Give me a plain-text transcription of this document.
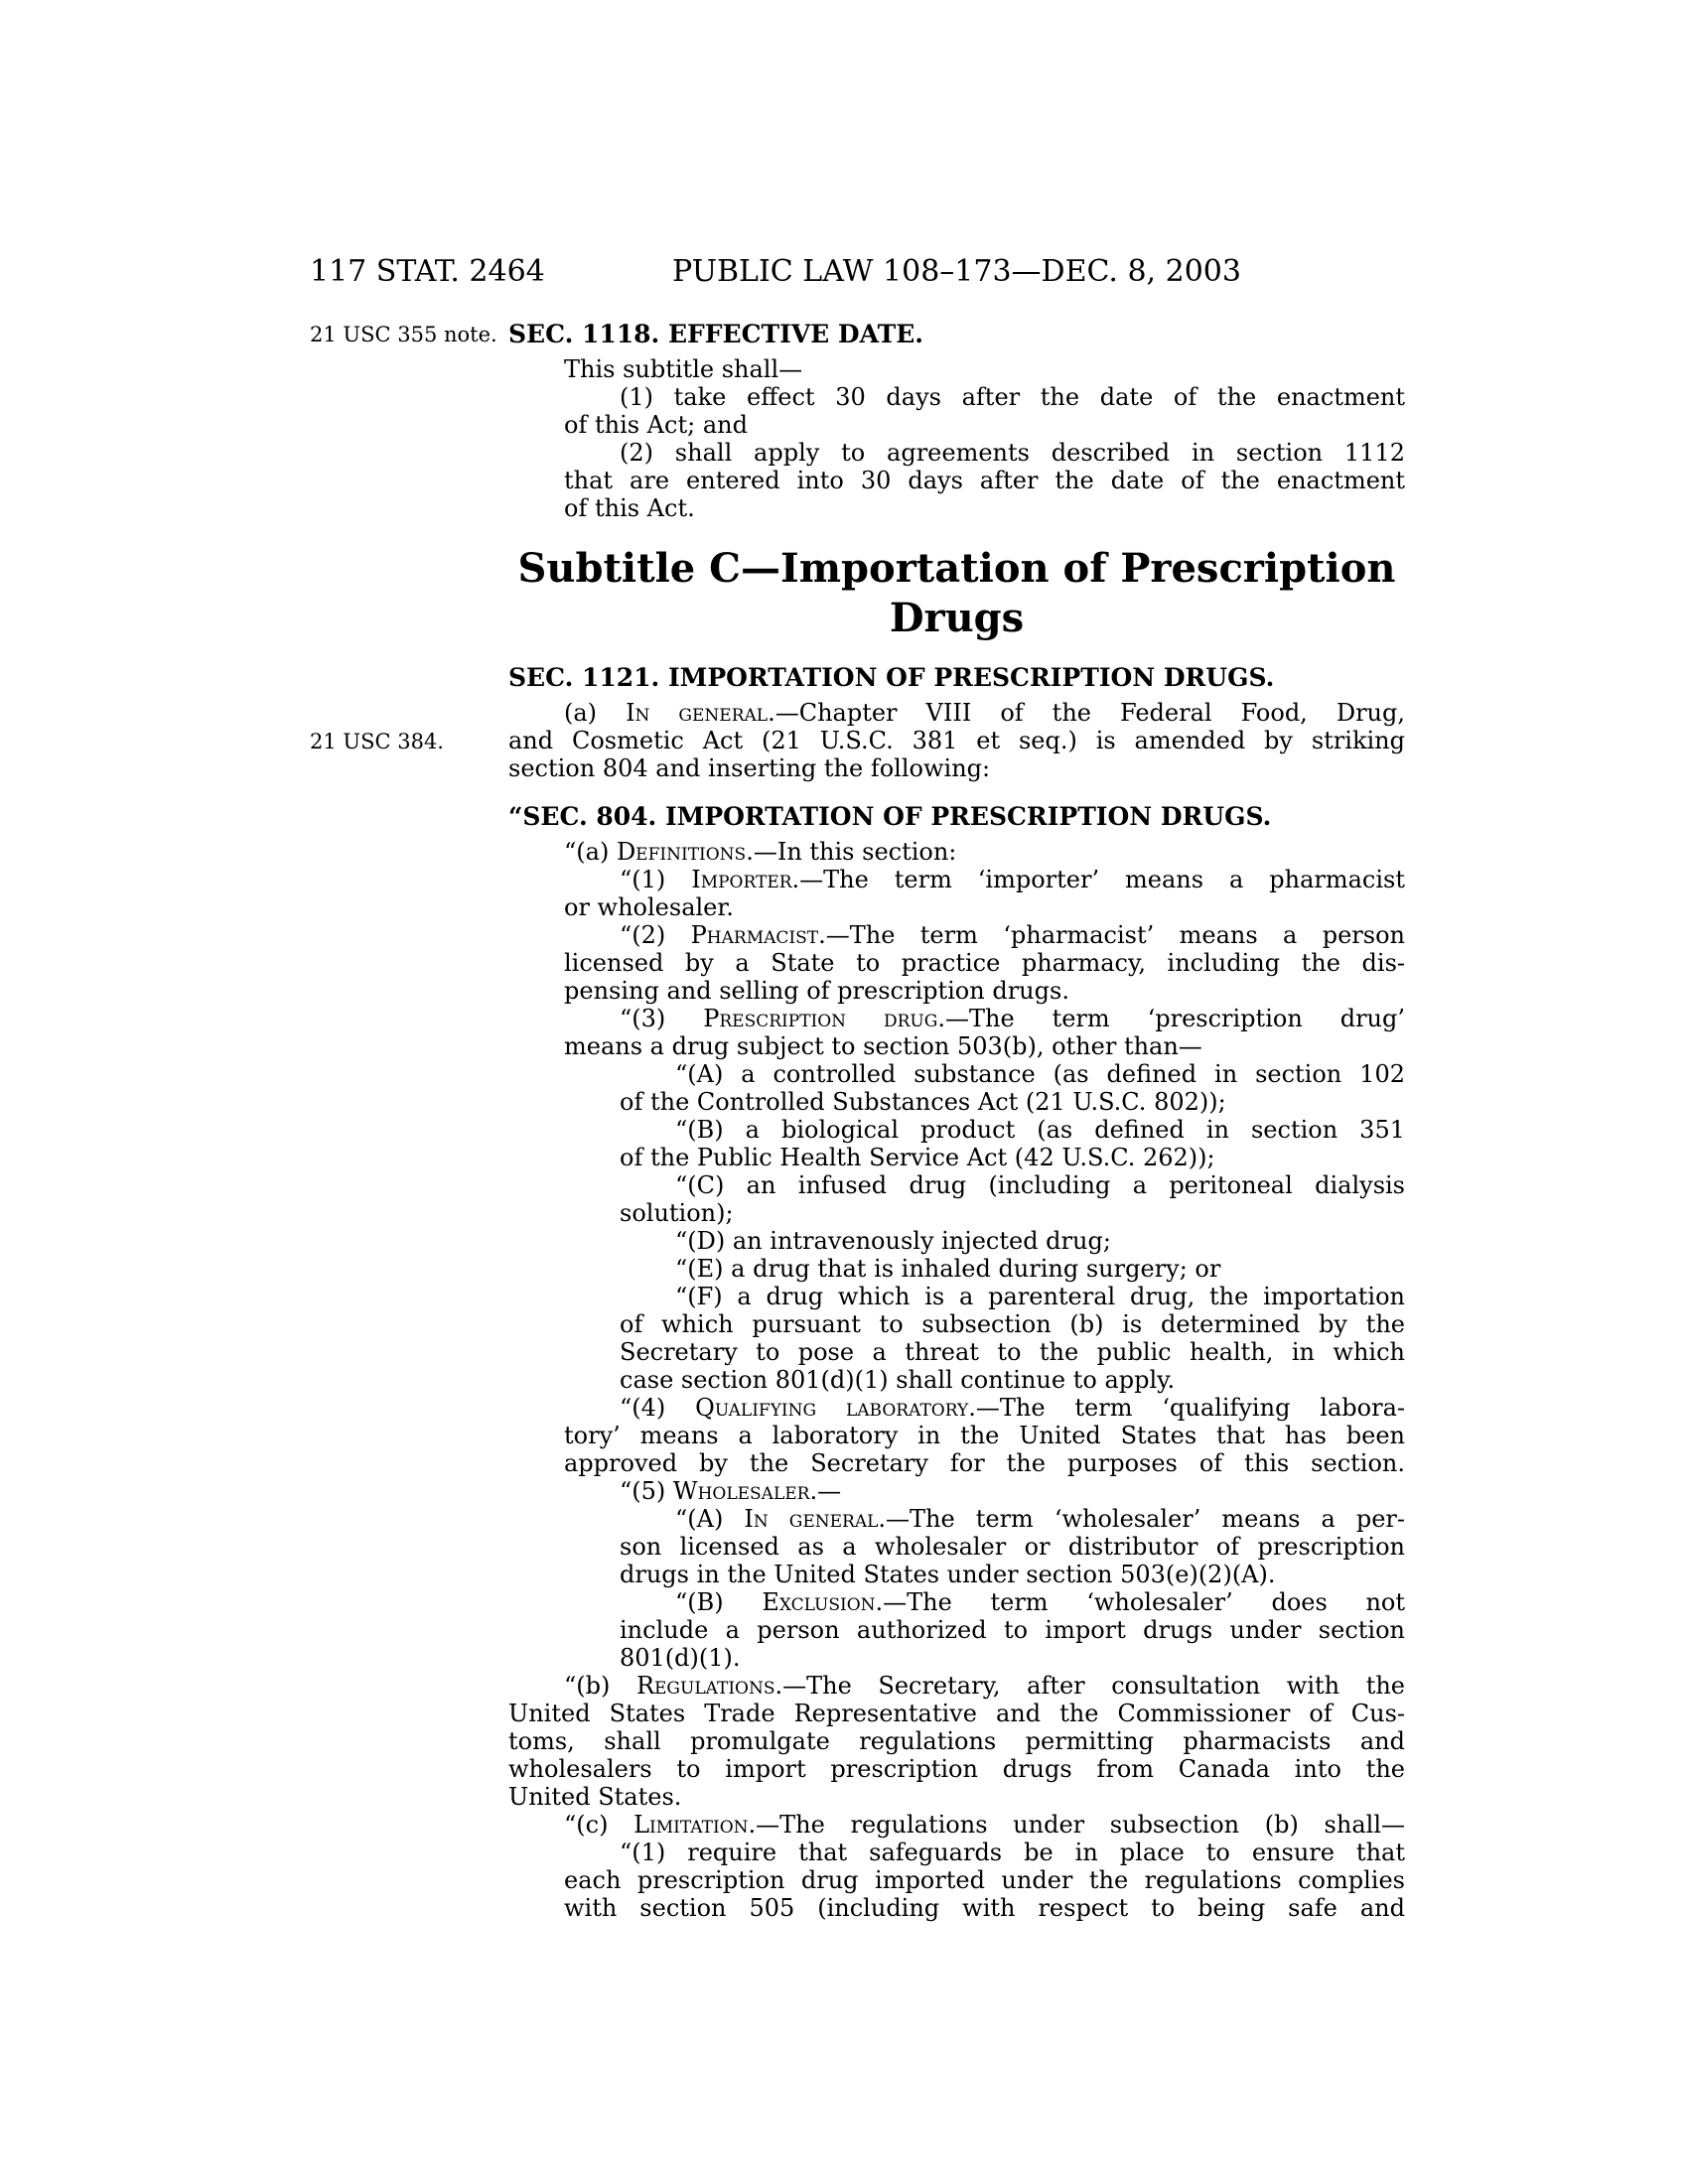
117 STAT. 2464	PUBLIC LAW 108–173—DEC. 8, 2003
SEC. 1118. EFFECTIVE DATE.
This subtitle shall—
(1) take effect 30 days after the date of the enactment
of this Act; and
(2) shall apply to agreements described in section 1112
that are entered into 30 days after the date of the enactment
of this Act.
Subtitle C—Importation of Prescription
Drugs
SEC. 1121. IMPORTATION OF PRESCRIPTION DRUGS.
(a) In general.—Chapter VIII of the Federal Food, Drug,
and Cosmetic Act (21 U.S.C. 381 et seq.) is amended by striking
section 804 and inserting the following:
“SEC. 804. IMPORTATION OF PRESCRIPTION DRUGS.
“(a) Definitions.—In this section:
“(1) Importer.—The term ‘importer’ means a pharmacist
or wholesaler.
“(2) Pharmacist.—The term ‘pharmacist’ means a person
licensed by a State to practice pharmacy, including the dis-
pensing and selling of prescription drugs.
“(3) Prescription drug.—The term ‘prescription drug’
means a drug subject to section 503(b), other than—
“(A) a controlled substance (as defined in section 102
of the Controlled Substances Act (21 U.S.C. 802));
“(B) a biological product (as defined in section 351
of the Public Health Service Act (42 U.S.C. 262));
“(C) an infused drug (including a peritoneal dialysis
solution);
“(D) an intravenously injected drug;
“(E) a drug that is inhaled during surgery; or
“(F) a drug which is a parenteral drug, the importation
of which pursuant to subsection (b) is determined by the
Secretary to pose a threat to the public health, in which
case section 801(d)(1) shall continue to apply.
“(4) Qualifying laboratory.—The term ‘qualifying labora-
tory’ means a laboratory in the United States that has been
approved by the Secretary for the purposes of this section.
“(5) Wholesaler.—
“(A) In general.—The term ‘wholesaler’ means a per-
son licensed as a wholesaler or distributor of prescription
drugs in the United States under section 503(e)(2)(A).
“(B) Exclusion.—The term ‘wholesaler’ does not
include a person authorized to import drugs under section
801(d)(1).
“(b) Regulations.—The Secretary, after consultation with the
United States Trade Representative and the Commissioner of Cus-
toms, shall promulgate regulations permitting pharmacists and
wholesalers to import prescription drugs from Canada into the
United States.
“(c) Limitation.—The regulations under subsection (b) shall—
“(1) require that safeguards be in place to ensure that
each prescription drug imported under the regulations complies
with section 505 (including with respect to being safe and
21 USC 355 note.
21 USC 384.
